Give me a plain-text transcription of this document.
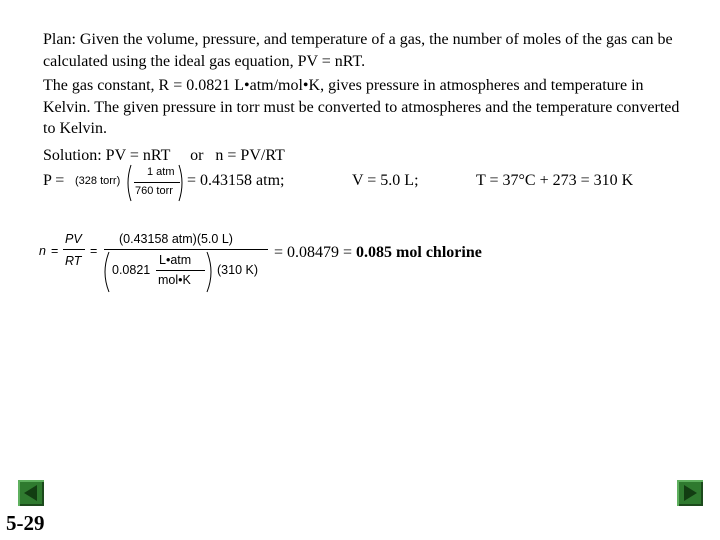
Plan: Given the volume, pressure, and temperature of a gas, the number of moles of the gas can be calculated using the ideal gas equation, PV = nRT.

The gas constant, R = 0.0821 L•atm/mol•K, gives pressure in atmospheres and temperature in Kelvin. The given pressure in torr must be converted to atmospheres and the temperature converted to Kelvin.

Solution: PV = nRT     or   n = PV/RT

P = (328 torr)
1 atm
760 torr
= 0.43158 atm;	V = 5.0 L;	T = 37°C + 273 = 310 K
n =
PV
RT
=
(0.43158 atm)(5.0 L)
0.0821
L•atm
mol•K
(310 K)
= 0.08479 = 0.085 mol chlorine
5-29
